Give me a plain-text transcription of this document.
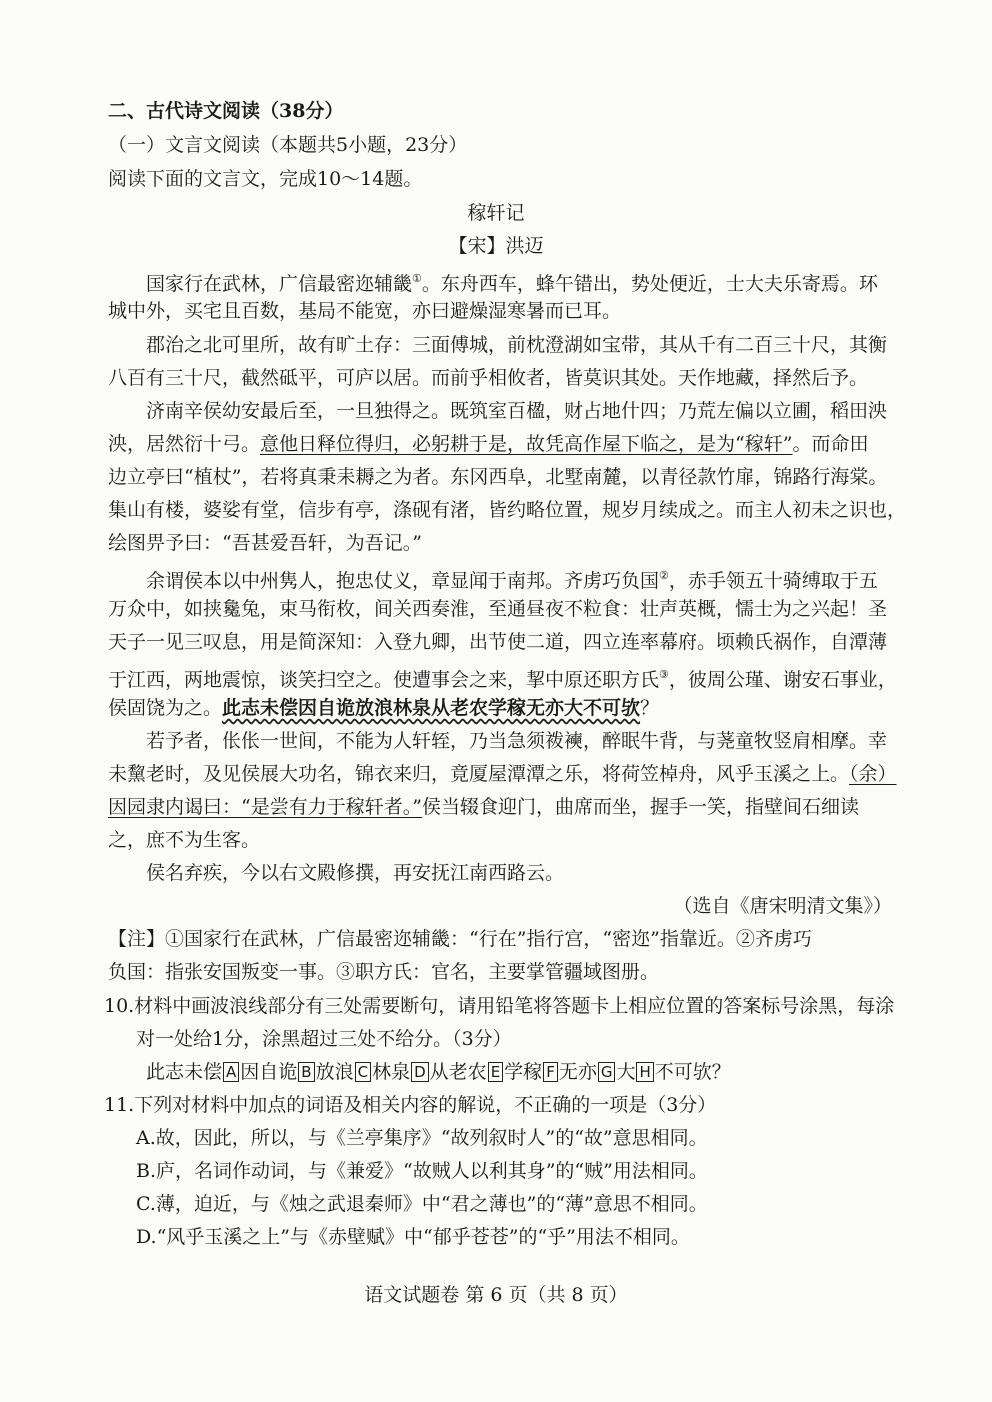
二、古代诗文阅读（38分）
（一）文言文阅读（本题共5小题，23分）
阅读下面的文言文，完成10～14题。
稼轩记
【宋】洪迈
国家行在武林，广信最密迩辅畿①。东舟西车，蜂午错出，势处便近，士大夫乐寄焉。环
城中外，买宅且百数，基局不能宽，亦曰避燥湿寒暑而已耳。
郡治之北可里所，故有旷土存：三面傅城，前枕澄湖如宝带，其从千有二百三十尺，其衡
八百有三十尺，截然砥平，可庐以居。而前乎相攸者，皆莫识其处。天作地藏，择然后予。
济南辛侯幼安最后至，一旦独得之。既筑室百楹，财占地什四；乃荒左偏以立圃，稻田泱
泱，居然衍十弓。意他日释位得归，必躬耕于是，故凭高作屋下临之，是为“稼轩”。而命田
边立亭曰“植杖”，若将真秉耒耨之为者。东冈西阜，北墅南麓，以青径款竹扉，锦路行海棠。
集山有楼，婆娑有堂，信步有亭，涤砚有渚，皆约略位置，规岁月续成之。而主人初未之识也，
绘图畀予曰：“吾甚爱吾轩，为吾记。”
余谓侯本以中州隽人，抱忠仗义，章显闻于南邦。齐虏巧负国②，赤手领五十骑缚取于五
万众中，如挟毚兔，束马衔枚，间关西奏淮，至通昼夜不粒食：壮声英概，懦士为之兴起！圣
天子一见三叹息，用是简深知：入登九卿，出节使二道，四立连率幕府。顷赖氏祸作，自潭薄
于江西，两地震惊，谈笑扫空之。使遭事会之来，挈中原还职方氏③，彼周公瑾、谢安石事业，
侯固饶为之。此志未偿因自诡放浪林泉从老农学稼无亦大不可欤？
若予者，伥伥一世间，不能为人轩轾，乃当急须袯襫，醉眠牛背，与荛童牧竖肩相摩。幸
未黧老时，及见侯展大功名，锦衣来归，竟厦屋潭潭之乐，将荷笠棹舟，风乎玉溪之上。（余）
因园隶内谒曰：“是尝有力于稼轩者。”侯当辍食迎门，曲席而坐，握手一笑，指壁间石细读
之，庶不为生客。
侯名弃疾，今以右文殿修撰，再安抚江南西路云。
（选自《唐宋明清文集》）
【注】①国家行在武林，广信最密迩辅畿：“行在”指行宫，“密迩”指靠近。②齐虏巧
负国：指张安国叛变一事。③职方氏：官名，主要掌管疆域图册。
10.材料中画波浪线部分有三处需要断句，请用铅笔将答题卡上相应位置的答案标号涂黑，每涂
对一处给1分，涂黑超过三处不给分。（3分）
此志未偿 A 因自诡 B 放浪 C 林泉 D 从老农 E 学稼 F 无亦 G 大 H 不可欤？
11.下列对材料中加点的词语及相关内容的解说，不正确的一项是（3分）
A.故，因此，所以，与《兰亭集序》“故列叙时人”的“故”意思相同。
B.庐，名词作动词，与《兼爱》“故贼人以利其身”的“贼”用法相同。
C.薄，迫近，与《烛之武退秦师》中“君之薄也”的“薄”意思不相同。
D.“风乎玉溪之上”与《赤壁赋》中“郁乎苍苍”的“乎”用法不相同。
语文试题卷 第 6 页（共 8 页）
